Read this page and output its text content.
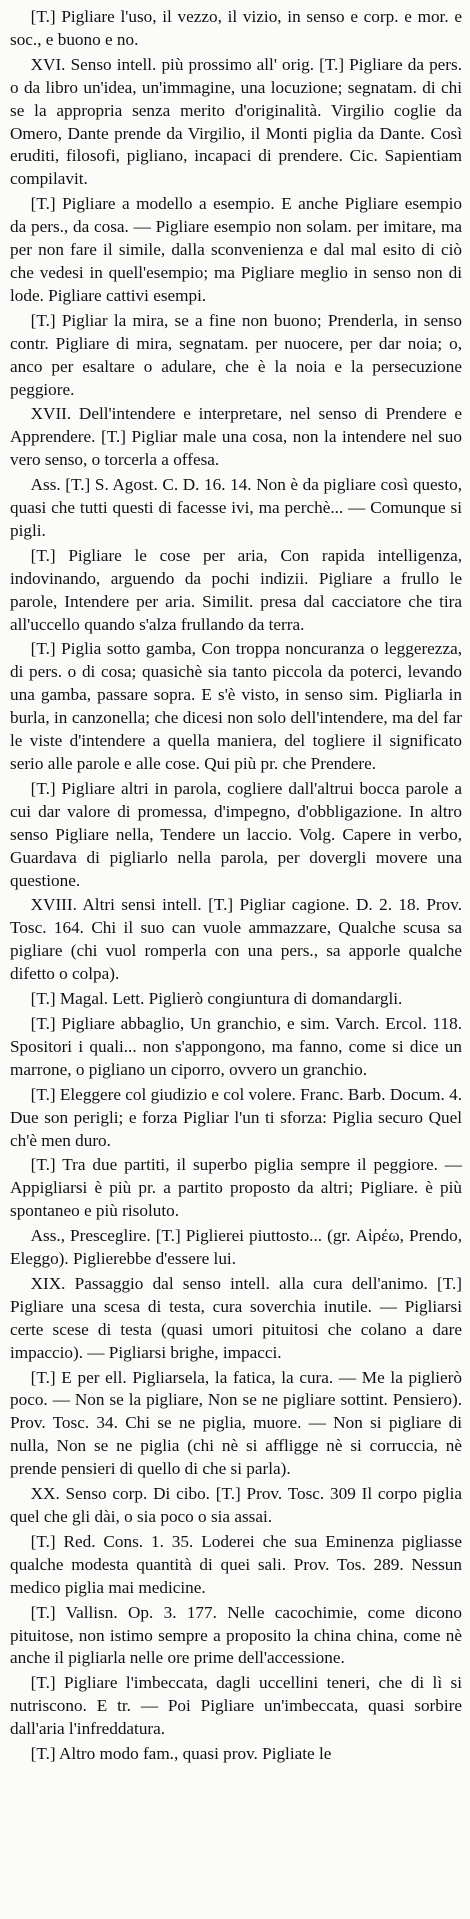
[T.] Pigliare l'uso, il vezzo, il vizio, in senso e corp. e mor. e soc., e buono e no.

XVI. Senso intell. più prossimo all' orig. [T.] Pigliare da pers. o da libro un'idea, un'immagine, una locuzione; segnatam. di chi se la appropria senza merito d'originalità. Virgilio coglie da Omero, Dante prende da Virgilio, il Monti piglia da Dante. Così eruditi, filosofi, pigliano, incapaci di prendere. Cic. Sapientiam compilavit.

[T.] Pigliare a modello a esempio. E anche Pigliare esempio da pers., da cosa. — Pigliare esempio non solam. per imitare, ma per non fare il simile, dalla sconvenienza e dal mal esito di ciò che vedesi in quell'esempio; ma Pigliare meglio in senso non di lode. Pigliare cattivi esempi.

[T.] Pigliar la mira, se a fine non buono; Prenderla, in senso contr. Pigliare di mira, segnatam. per nuocere, per dar noia; o, anco per esaltare o adulare, che è la noia e la persecuzione peggiore.

XVII. Dell'intendere e interpretare, nel senso di Prendere e Apprendere. [T.] Pigliar male una cosa, non la intendere nel suo vero senso, o torcerla a offesa.

Ass. [T.] S. Agost. C. D. 16. 14. Non è da pigliare così questo, quasi che tutti questi di facesse ivi, ma perchè... — Comunque si pigli.

[T.] Pigliare le cose per aria, Con rapida intelligenza, indovinando, arguendo da pochi indizii. Pigliare a frullo le parole, Intendere per aria. Similit. presa dal cacciatore che tira all'uccello quando s'alza frullando da terra.

[T.] Piglia sotto gamba, Con troppa noncuranza o leggerezza, di pers. o di cosa; quasichè sia tanto piccola da poterci, levando una gamba, passare sopra. E s'è visto, in senso sim. Pigliarla in burla, in canzonella; che dicesi non solo dell'intendere, ma del far le viste d'intendere a quella maniera, del togliere il significato serio alle parole e alle cose. Qui più pr. che Prendere.

[T.] Pigliare altri in parola, cogliere dall'altrui bocca parole a cui dar valore di promessa, d'impegno, d'obbligazione. In altro senso Pigliare nella, Tendere un laccio. Volg. Capere in verbo, Guardava di pigliarlo nella parola, per dovergli movere una questione.

XVIII. Altri sensi intell. [T.] Pigliar cagione. D. 2. 18. Prov. Tosc. 164. Chi il suo can vuole ammazzare, Qualche scusa sa pigliare (chi vuol romperla con una pers., sa apporle qualche difetto o colpa).

[T.] Magal. Lett. Piglierò congiuntura di domandargli.

[T.] Pigliare abbaglio, Un granchio, e sim. Varch. Ercol. 118. Spositori i quali... non s'appongono, ma fanno, come si dice un marrone, o pigliano un ciporro, ovvero un granchio.

[T.] Eleggere col giudizio e col volere. Franc. Barb. Docum. 4. Due son perigli; e forza Pigliar l'un ti sforza: Piglia securo Quel ch'è men duro.

[T.] Tra due partiti, il superbo piglia sempre il peggiore. — Appigliarsi è più pr. a partito proposto da altri; Pigliare. è più spontaneo e più risoluto.

Ass., Presceglire. [T.] Piglierei piuttosto... (gr. Αἱρέω, Prendo, Eleggo). Piglierebbe d'essere lui.

XIX. Passaggio dal senso intell. alla cura dell'animo. [T.] Pigliare una scesa di testa, cura soverchia inutile. — Pigliarsi certe scese di testa (quasi umori pituitosi che colano a dare impaccio). — Pigliarsi brighe, impacci.

[T.] E per ell. Pigliarsela, la fatica, la cura. — Me la piglierò poco. — Non se la pigliare, Non se ne pigliare sottint. Pensiero). Prov. Tosc. 34. Chi se ne piglia, muore. — Non si pigliare di nulla, Non se ne piglia (chi nè si affligge nè si corruccia, nè prende pensieri di quello di che si parla).

XX. Senso corp. Di cibo. [T.] Prov. Tosc. 309 Il corpo piglia quel che gli dài, o sia poco o sia assai.

[T.] Red. Cons. 1. 35. Loderei che sua Eminenza pigliasse qualche modesta quantità di quei sali. Prov. Tos. 289. Nessun medico piglia mai medicine.

[T.] Vallisn. Op. 3. 177. Nelle cacochimie, come dicono pituitose, non istimo sempre a proposito la china china, come nè anche il pigliarla nelle ore prime dell'accessione.

[T.] Pigliare l'imbeccata, dagli uccellini teneri, che di lì si nutriscono. E tr. — Poi Pigliare un'imbeccata, quasi sorbire dall'aria l'infreddatura.

[T.] Altro modo fam., quasi prov. Pigliate le
